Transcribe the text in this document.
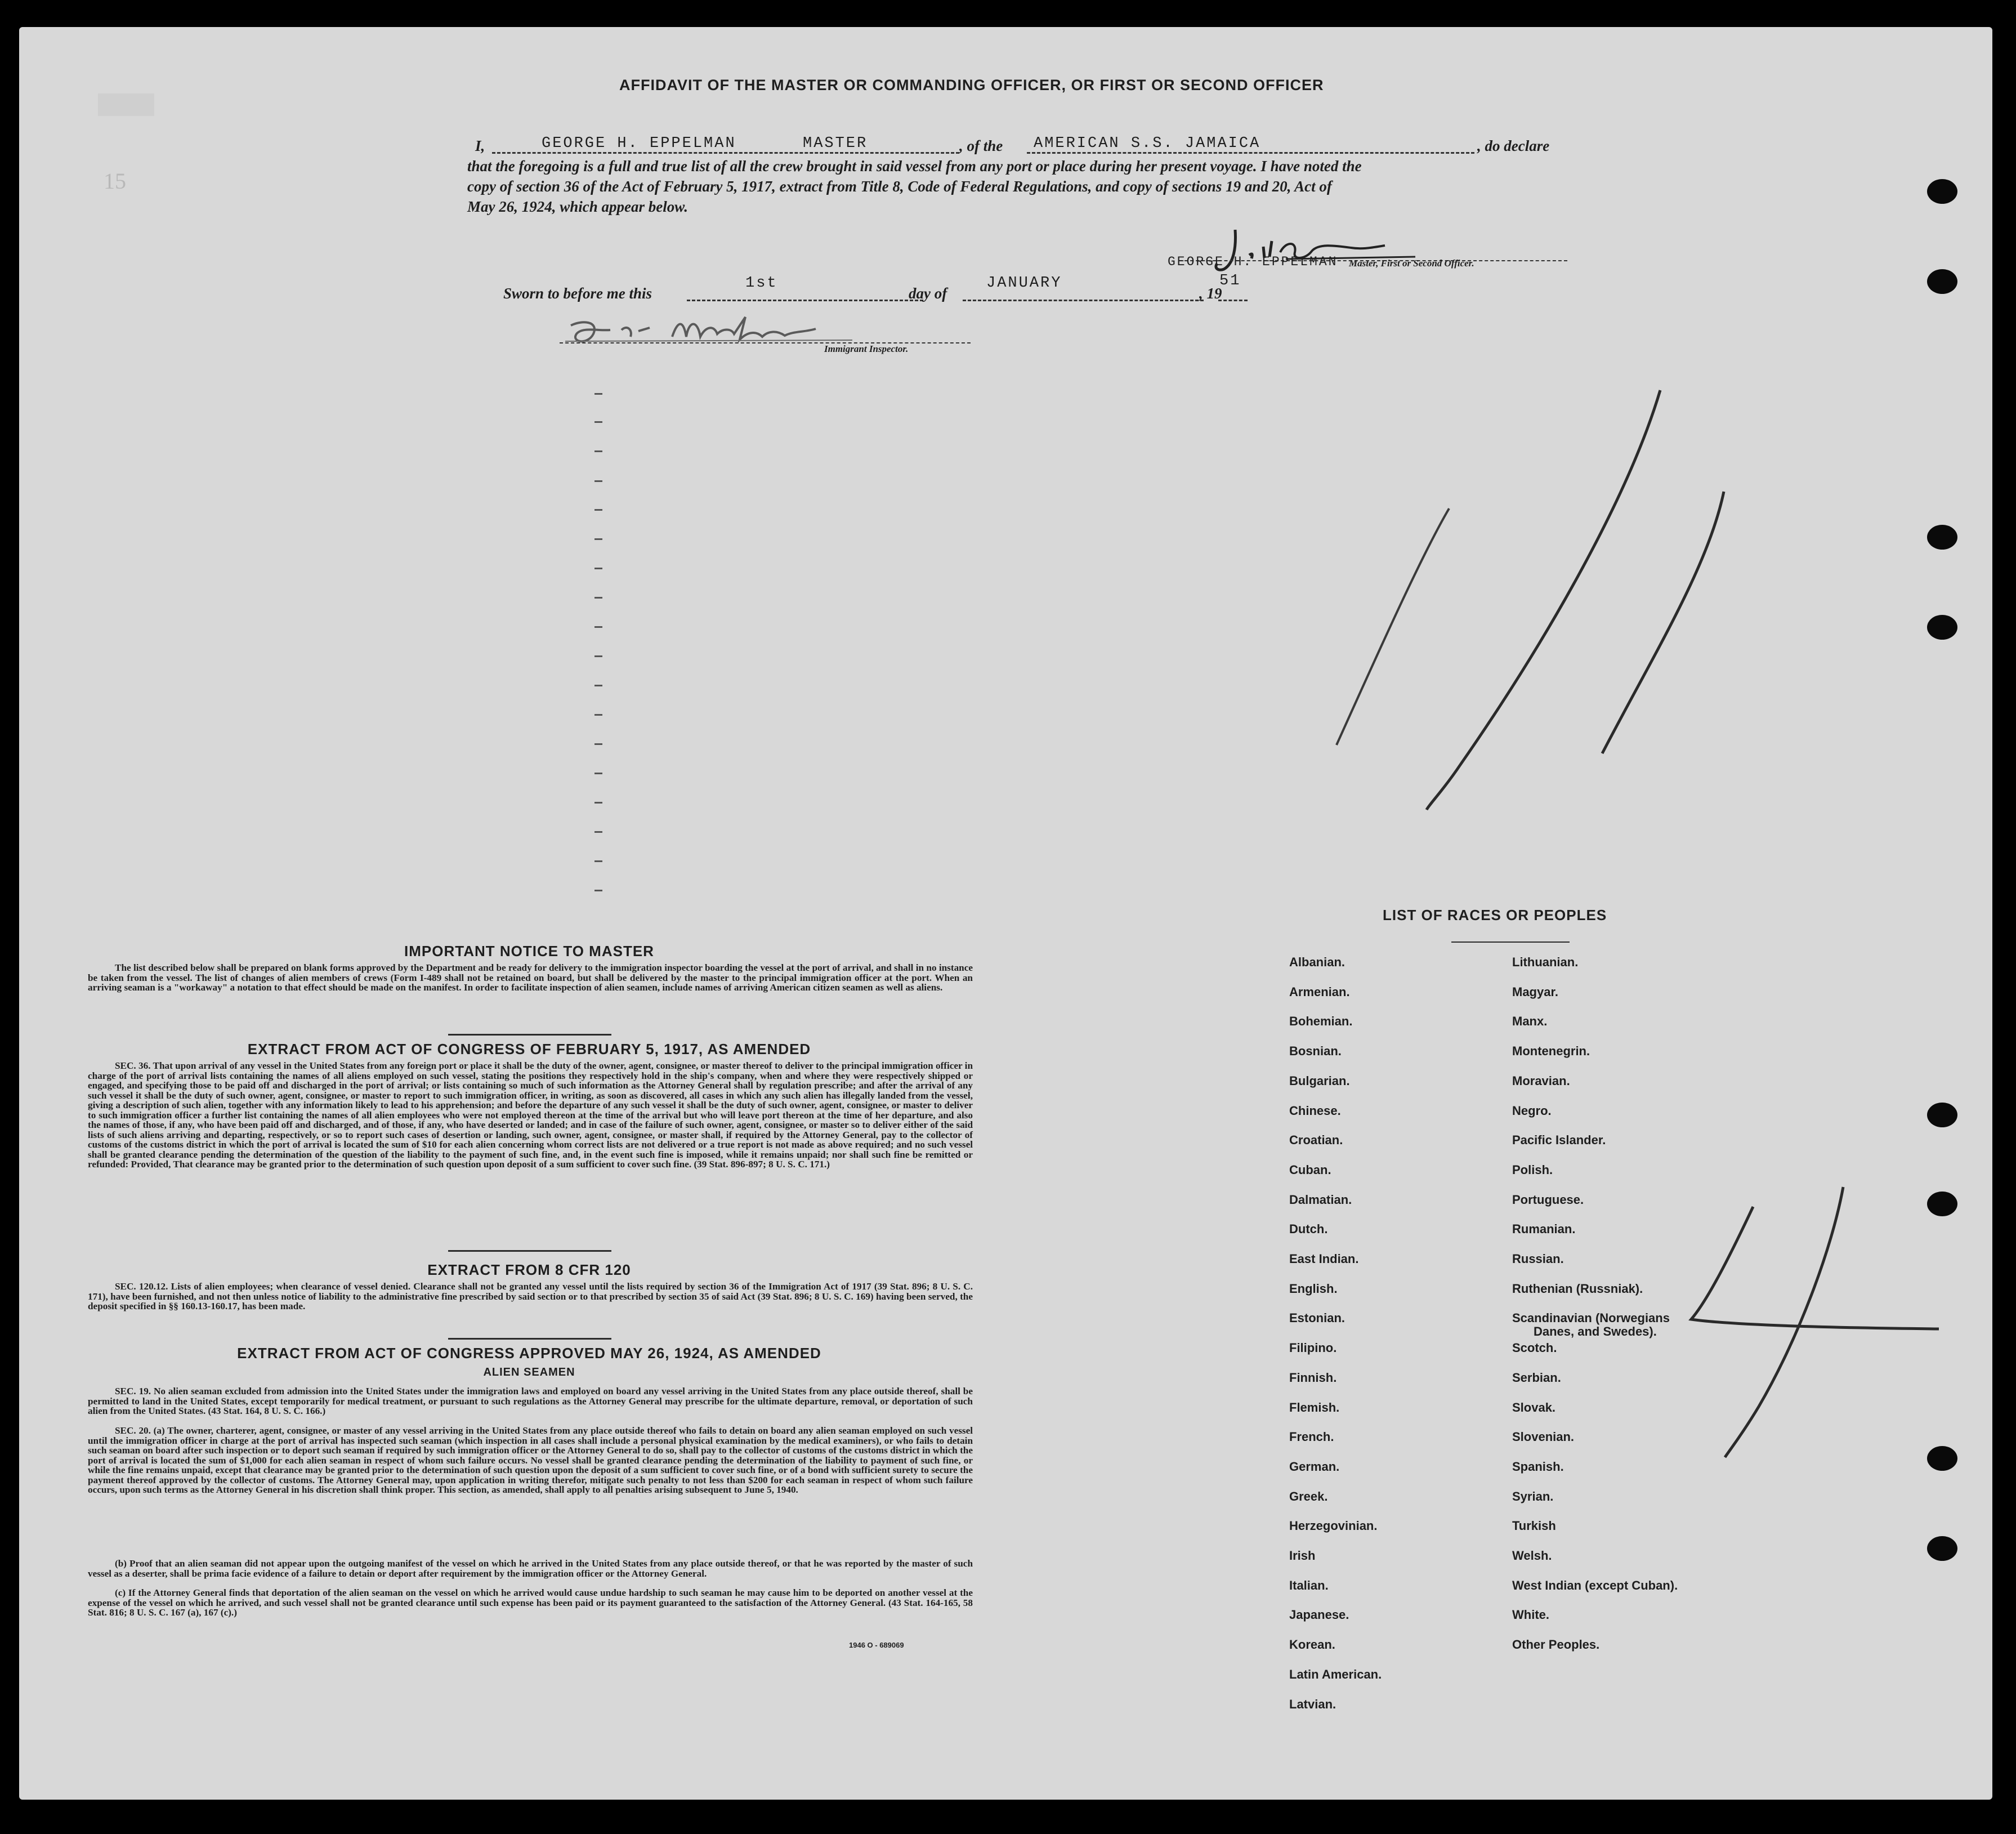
15
AFFIDAVIT OF THE MASTER OR COMMANDING OFFICER, OR FIRST OR SECOND OFFICER
I,	GEORGE H. EPPELMAN	MASTER	, of the AMERICAN S.S. JAMAICA	, do declare
that the foregoing is a full and true list of all the crew brought in said vessel from any port or place during her present voyage. I have noted the
copy of section 36 of the Act of February 5, 1917, extract from Title 8, Code of Federal Regulations, and copy of sections 19 and 20, Act of
May 26, 1924, which appear below.
GEORGE H. EPPELMAN Master, First or Second Officer.
Sworn to before me this
1st
day of
JANUARY
, 19
51
Immigrant Inspector.
IMPORTANT NOTICE TO MASTER
The list described below shall be prepared on blank forms approved by the Department and be ready for delivery to the immigration inspector boarding the vessel at the port of arrival, and shall in no instance be taken from the vessel. The list of changes of alien members of crews (Form I-489 shall not be retained on board, but shall be delivered by the master to the principal immigration officer at the port. When an arriving seaman is a "workaway" a notation to that effect should be made on the manifest. In order to facilitate inspection of alien seamen, include names of arriving American citizen seamen as well as aliens.
EXTRACT FROM ACT OF CONGRESS OF FEBRUARY 5, 1917, AS AMENDED
SEC. 36. That upon arrival of any vessel in the United States from any foreign port or place it shall be the duty of the owner, agent, consignee, or master thereof to deliver to the principal immigration officer in charge of the port of arrival lists containing the names of all aliens employed on such vessel, stating the positions they respectively hold in the ship's company, when and where they were respectively shipped or engaged, and specifying those to be paid off and discharged in the port of arrival; or lists containing so much of such information as the Attorney General shall by regulation prescribe; and after the arrival of any such vessel it shall be the duty of such owner, agent, consignee, or master to report to such immigration officer, in writing, as soon as discovered, all cases in which any such alien has illegally landed from the vessel, giving a description of such alien, together with any information likely to lead to his apprehension; and before the departure of any such vessel it shall be the duty of such owner, agent, consignee, or master to deliver to such immigration officer a further list containing the names of all alien employees who were not employed thereon at the time of the arrival but who will leave port thereon at the time of her departure, and also the names of those, if any, who have been paid off and discharged, and of those, if any, who have deserted or landed; and in case of the failure of such owner, agent, consignee, or master so to deliver either of the said lists of such aliens arriving and departing, respectively, or so to report such cases of desertion or landing, such owner, agent, consignee, or master shall, if required by the Attorney General, pay to the collector of customs of the customs district in which the port of arrival is located the sum of $10 for each alien concerning whom correct lists are not delivered or a true report is not made as above required; and no such vessel shall be granted clearance pending the determination of the question of the liability to the payment of such fine, and, in the event such fine is imposed, while it remains unpaid; nor shall such fine be remitted or refunded: Provided, That clearance may be granted prior to the determination of such question upon deposit of a sum sufficient to cover such fine. (39 Stat. 896-897; 8 U. S. C. 171.)
EXTRACT FROM 8 CFR 120
SEC. 120.12. Lists of alien employees; when clearance of vessel denied. Clearance shall not be granted any vessel until the lists required by section 36 of the Immigration Act of 1917 (39 Stat. 896; 8 U. S. C. 171), have been furnished, and not then unless notice of liability to the administrative fine prescribed by said section or to that prescribed by section 35 of said Act (39 Stat. 896; 8 U. S. C. 169) having been served, the deposit specified in §§ 160.13-160.17, has been made.
EXTRACT FROM ACT OF CONGRESS APPROVED MAY 26, 1924, AS AMENDED
ALIEN SEAMEN
SEC. 19. No alien seaman excluded from admission into the United States under the immigration laws and employed on board any vessel arriving in the United States from any place outside thereof, shall be permitted to land in the United States, except temporarily for medical treatment, or pursuant to such regulations as the Attorney General may prescribe for the ultimate departure, removal, or deportation of such alien from the United States. (43 Stat. 164, 8 U. S. C. 166.)
SEC. 20. (a) The owner, charterer, agent, consignee, or master of any vessel arriving in the United States from any place outside thereof who fails to detain on board any alien seaman employed on such vessel until the immigration officer in charge at the port of arrival has inspected such seaman (which inspection in all cases shall include a personal physical examination by the medical examiners), or who fails to detain such seaman on board after such inspection or to deport such seaman if required by such immigration officer or the Attorney General to do so, shall pay to the collector of customs of the customs district in which the port of arrival is located the sum of $1,000 for each alien seaman in respect of whom such failure occurs. No vessel shall be granted clearance pending the determination of the liability to payment of such fine, or while the fine remains unpaid, except that clearance may be granted prior to the determination of such question upon the deposit of a sum sufficient to cover such fine, or of a bond with sufficient surety to secure the payment thereof approved by the collector of customs. The Attorney General may, upon application in writing therefor, mitigate such penalty to not less than $200 for each seaman in respect of whom such failure occurs, upon such terms as the Attorney General in his discretion shall think proper. This section, as amended, shall apply to all penalties arising subsequent to June 5, 1940.
(b) Proof that an alien seaman did not appear upon the outgoing manifest of the vessel on which he arrived in the United States from any place outside thereof, or that he was reported by the master of such vessel as a deserter, shall be prima facie evidence of a failure to detain or deport after requirement by the immigration officer or the Attorney General.
(c) If the Attorney General finds that deportation of the alien seaman on the vessel on which he arrived would cause undue hardship to such seaman he may cause him to be deported on another vessel at the expense of the vessel on which he arrived, and such vessel shall not be granted clearance until such expense has been paid or its payment guaranteed to the satisfaction of the Attorney General. (43 Stat. 164-165, 58 Stat. 816; 8 U. S. C. 167 (a), 167 (c).)
1946 O - 689069
LIST OF RACES OR PEOPLES
Albanian.
Armenian.
Bohemian.
Bosnian.
Bulgarian.
Chinese.
Croatian.
Cuban.
Dalmatian.
Dutch.
East Indian.
English.
Estonian.
Filipino.
Finnish.
Flemish.
French.
German.
Greek.
Herzegovinian.
Irish
Italian.
Japanese.
Korean.
Latin American.
Latvian.
Lithuanian.
Magyar.
Manx.
Montenegrin.
Moravian.
Negro.
Pacific Islander.
Polish.
Portuguese.
Rumanian.
Russian.
Ruthenian (Russniak).
Scandinavian (Norwegians
Danes, and Swedes).
Scotch.
Serbian.
Slovak.
Slovenian.
Spanish.
Syrian.
Turkish
Welsh.
West Indian (except Cuban).
White.
Other Peoples.
